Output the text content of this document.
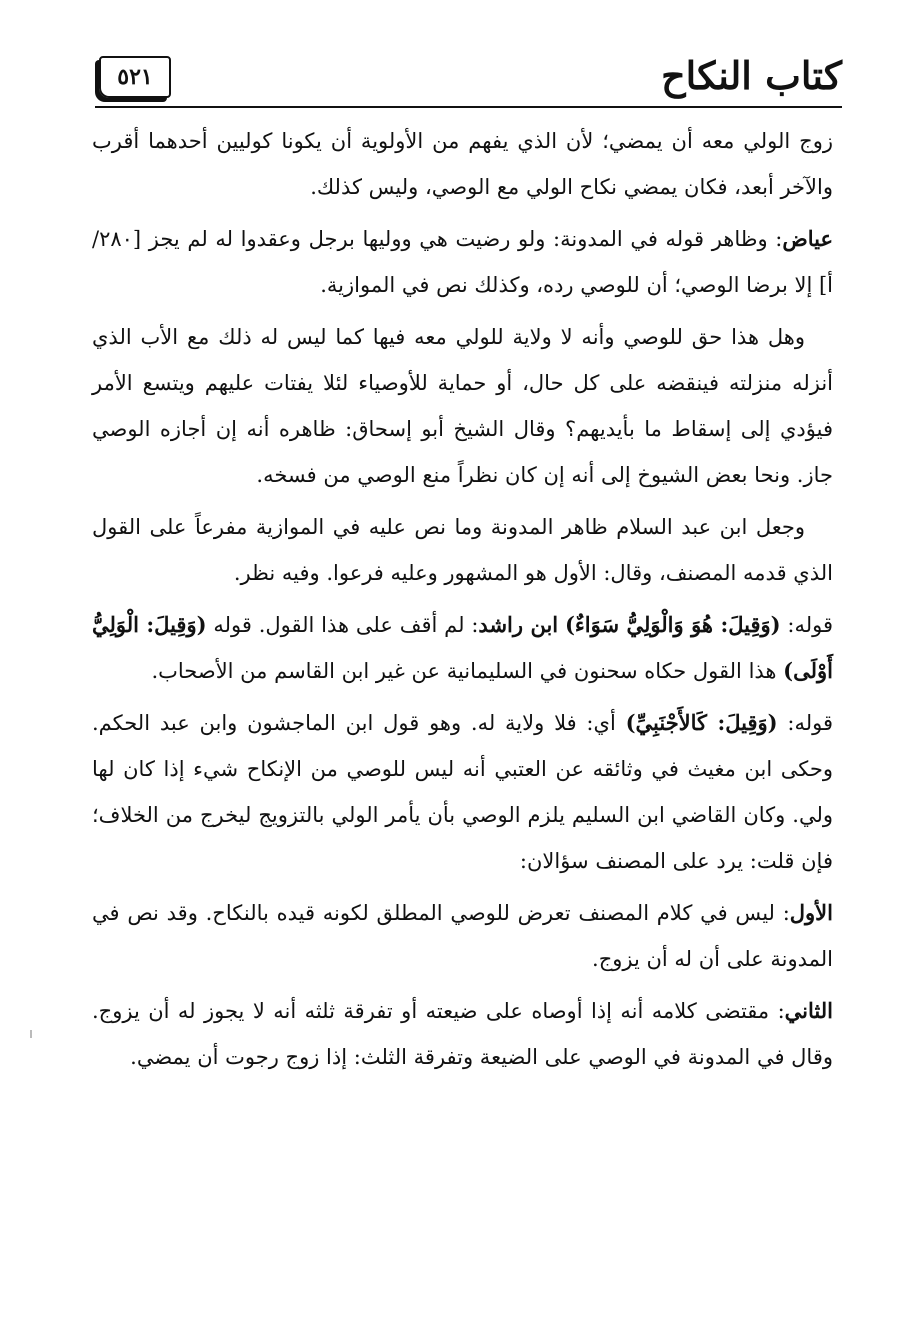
كتاب النكاح
٥٢١

زوج الولي معه أن يمضي؛ لأن الذي يفهم من الأولوية أن يكونا كوليين أحدهما أقرب والآخر أبعد، فكان يمضي نكاح الولي مع الوصي، وليس كذلك.

عياض: وظاهر قوله في المدونة: ولو رضيت هي ووليها برجل وعقدوا له لم يجز [٢٨٠/ أ] إلا برضا الوصي؛ أن للوصي رده، وكذلك نص في الموازية.

وهل هذا حق للوصي وأنه لا ولاية للولي معه فيها كما ليس له ذلك مع الأب الذي أنزله منزلته فينقضه على كل حال، أو حماية للأوصياء لئلا يفتات عليهم ويتسع الأمر فيؤدي إلى إسقاط ما بأيديهم؟ وقال الشيخ أبو إسحاق: ظاهره أنه إن أجازه الوصي جاز. ونحا بعض الشيوخ إلى أنه إن كان نظراً منع الوصي من فسخه.

وجعل ابن عبد السلام ظاهر المدونة وما نص عليه في الموازية مفرعاً على القول الذي قدمه المصنف، وقال: الأول هو المشهور وعليه فرعوا. وفيه نظر.

قوله: (وَقِيلَ: هُوَ وَالْوَلِيُّ سَوَاءٌ) ابن راشد: لم أقف على هذا القول. قوله (وَقِيلَ: الْوَلِيُّ أَوْلَى) هذا القول حكاه سحنون في السليمانية عن غير ابن القاسم من الأصحاب.

قوله: (وَقِيلَ: كَالأَجْنَبِيِّ) أي: فلا ولاية له. وهو قول ابن الماجشون وابن عبد الحكم. وحكى ابن مغيث في وثائقه عن العتبي أنه ليس للوصي من الإنكاح شيء إذا كان لها ولي. وكان القاضي ابن السليم يلزم الوصي بأن يأمر الولي بالتزويج ليخرج من الخلاف؛ فإن قلت: يرد على المصنف سؤالان:

الأول: ليس في كلام المصنف تعرض للوصي المطلق لكونه قيده بالنكاح. وقد نص في المدونة على أن له أن يزوج.

الثاني: مقتضى كلامه أنه إذا أوصاه على ضيعته أو تفرقة ثلثه أنه لا يجوز له أن يزوج. وقال في المدونة في الوصي على الضيعة وتفرقة الثلث: إذا زوج رجوت أن يمضي.
